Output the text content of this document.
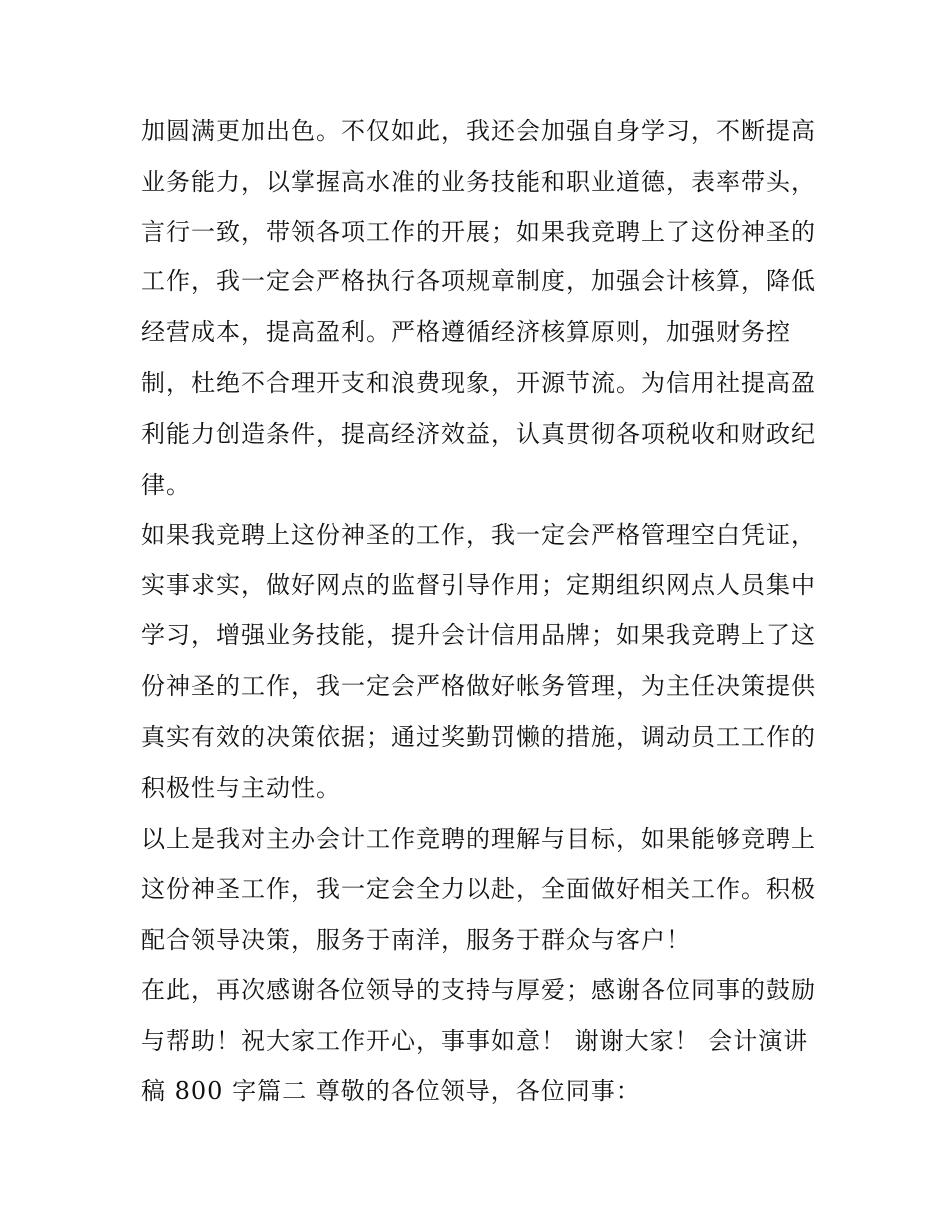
加圆满更加出色。不仅如此，我还会加强自身学习，不断提高
业务能力，以掌握高水准的业务技能和职业道德，表率带头，
言行一致，带领各项工作的开展；如果我竞聘上了这份神圣的
工作，我一定会严格执行各项规章制度，加强会计核算，降低
经营成本，提高盈利。严格遵循经济核算原则，加强财务控
制，杜绝不合理开支和浪费现象，开源节流。为信用社提高盈
利能力创造条件，提高经济效益，认真贯彻各项税收和财政纪
律。
如果我竞聘上这份神圣的工作，我一定会严格管理空白凭证，
实事求实，做好网点的监督引导作用；定期组织网点人员集中
学习，增强业务技能，提升会计信用品牌；如果我竞聘上了这
份神圣的工作，我一定会严格做好帐务管理，为主任决策提供
真实有效的决策依据；通过奖勤罚懒的措施，调动员工工作的
积极性与主动性。
以上是我对主办会计工作竞聘的理解与目标，如果能够竞聘上
这份神圣工作，我一定会全力以赴，全面做好相关工作。积极
配合领导决策，服务于南洋，服务于群众与客户！
在此，再次感谢各位领导的支持与厚爱；感谢各位同事的鼓励
与帮助！祝大家工作开心，事事如意！ 谢谢大家！ 会计演讲
稿 800 字篇二 尊敬的各位领导，各位同事：
